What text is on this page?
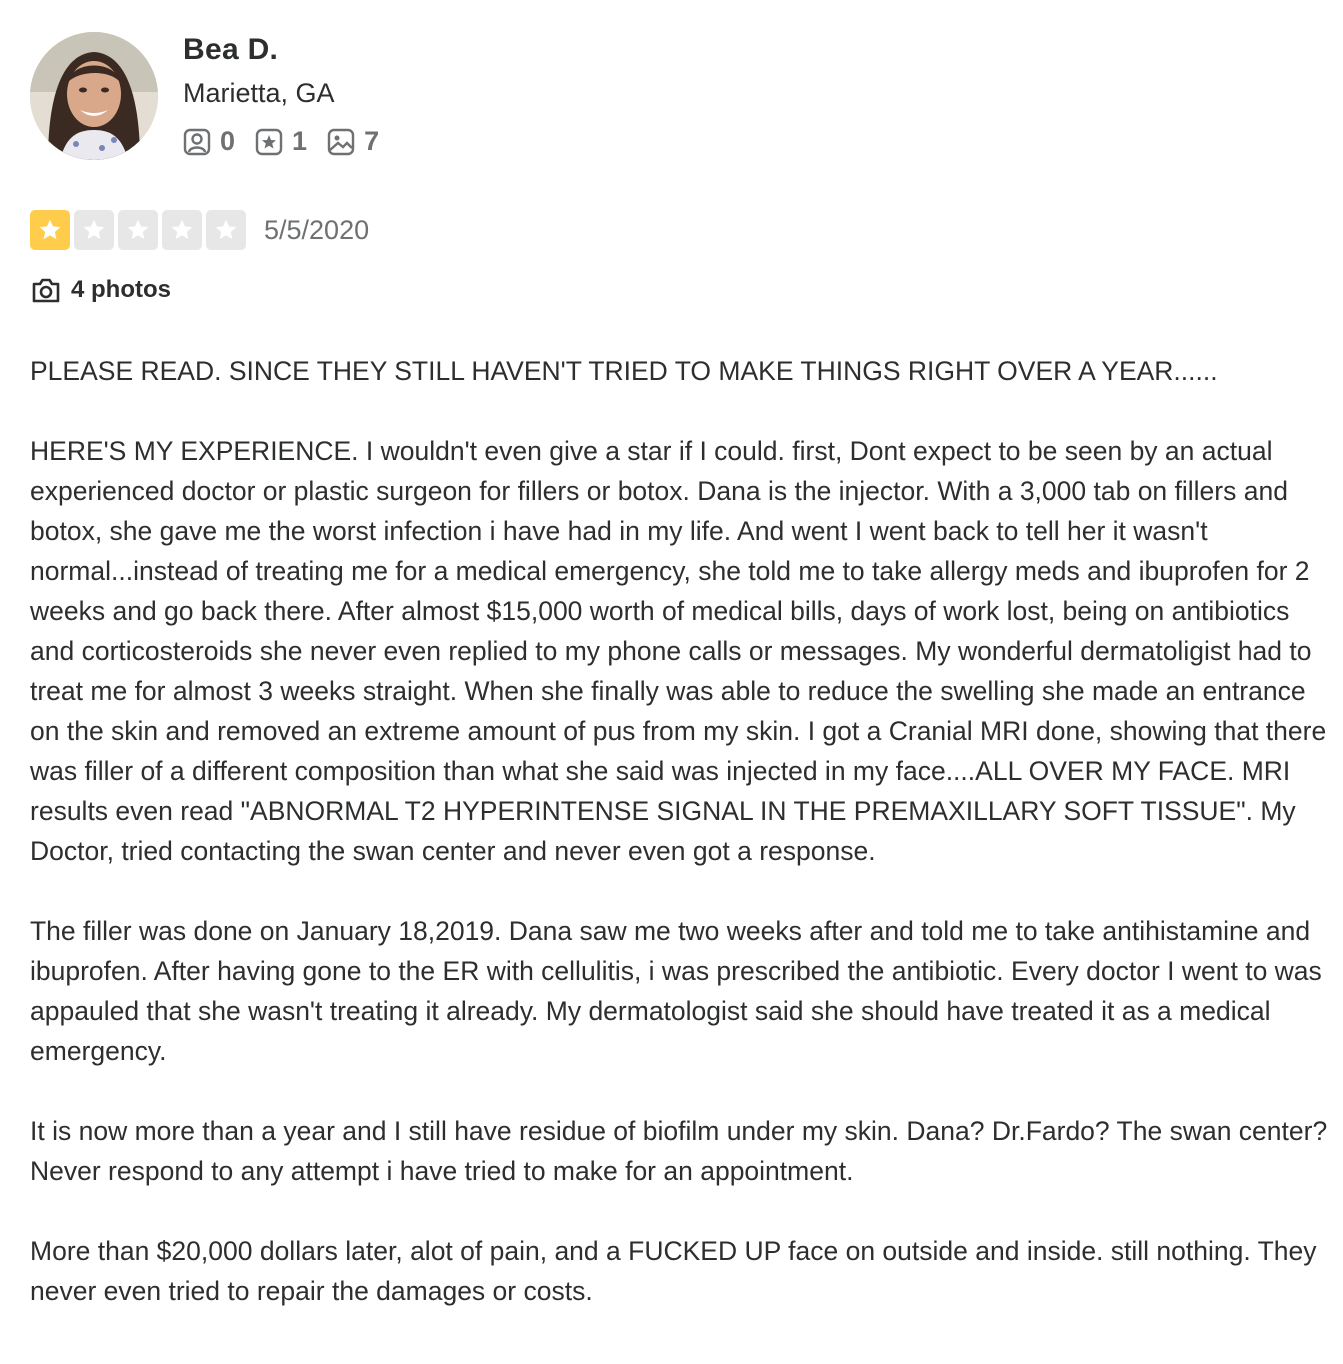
Bea D.
Marietta, GA
0 1 7
5/5/2020
4 photos

PLEASE READ. SINCE THEY STILL HAVEN'T TRIED TO MAKE THINGS RIGHT OVER A YEAR......

HERE'S MY EXPERIENCE. I wouldn't even give a star if I could. first, Dont expect to be seen by an actual experienced doctor or plastic surgeon for fillers or botox. Dana is the injector. With a 3,000 tab on fillers and botox, she gave me the worst infection i have had in my life. And went I went back to tell her it wasn't normal...instead of treating me for a medical emergency, she told me to take allergy meds and ibuprofen for 2 weeks and go back there. After almost $15,000 worth of medical bills, days of work lost, being on antibiotics and corticosteroids she never even replied to my phone calls or messages. My wonderful dermatoligist had to treat me for almost 3 weeks straight. When she finally was able to reduce the swelling she made an entrance on the skin and removed an extreme amount of pus from my skin. I got a Cranial MRI done, showing that there was filler of a different composition than what she said was injected in my face....ALL OVER MY FACE. MRI results even read "ABNORMAL T2 HYPERINTENSE SIGNAL IN THE PREMAXILLARY SOFT TISSUE". My Doctor, tried contacting the swan center and never even got a response.

The filler was done on January 18,2019. Dana saw me two weeks after and told me to take antihistamine and ibuprofen. After having gone to the ER with cellulitis, i was prescribed the antibiotic. Every doctor I went to was appauled that she wasn't treating it already. My dermatologist said she should have treated it as a medical emergency.

It is now more than a year and I still have residue of biofilm under my skin. Dana? Dr.Fardo? The swan center? Never respond to any attempt i have tried to make for an appointment.

More than $20,000 dollars later, alot of pain, and a FUCKED UP face on outside and inside. still nothing. They never even tried to repair the damages or costs.
